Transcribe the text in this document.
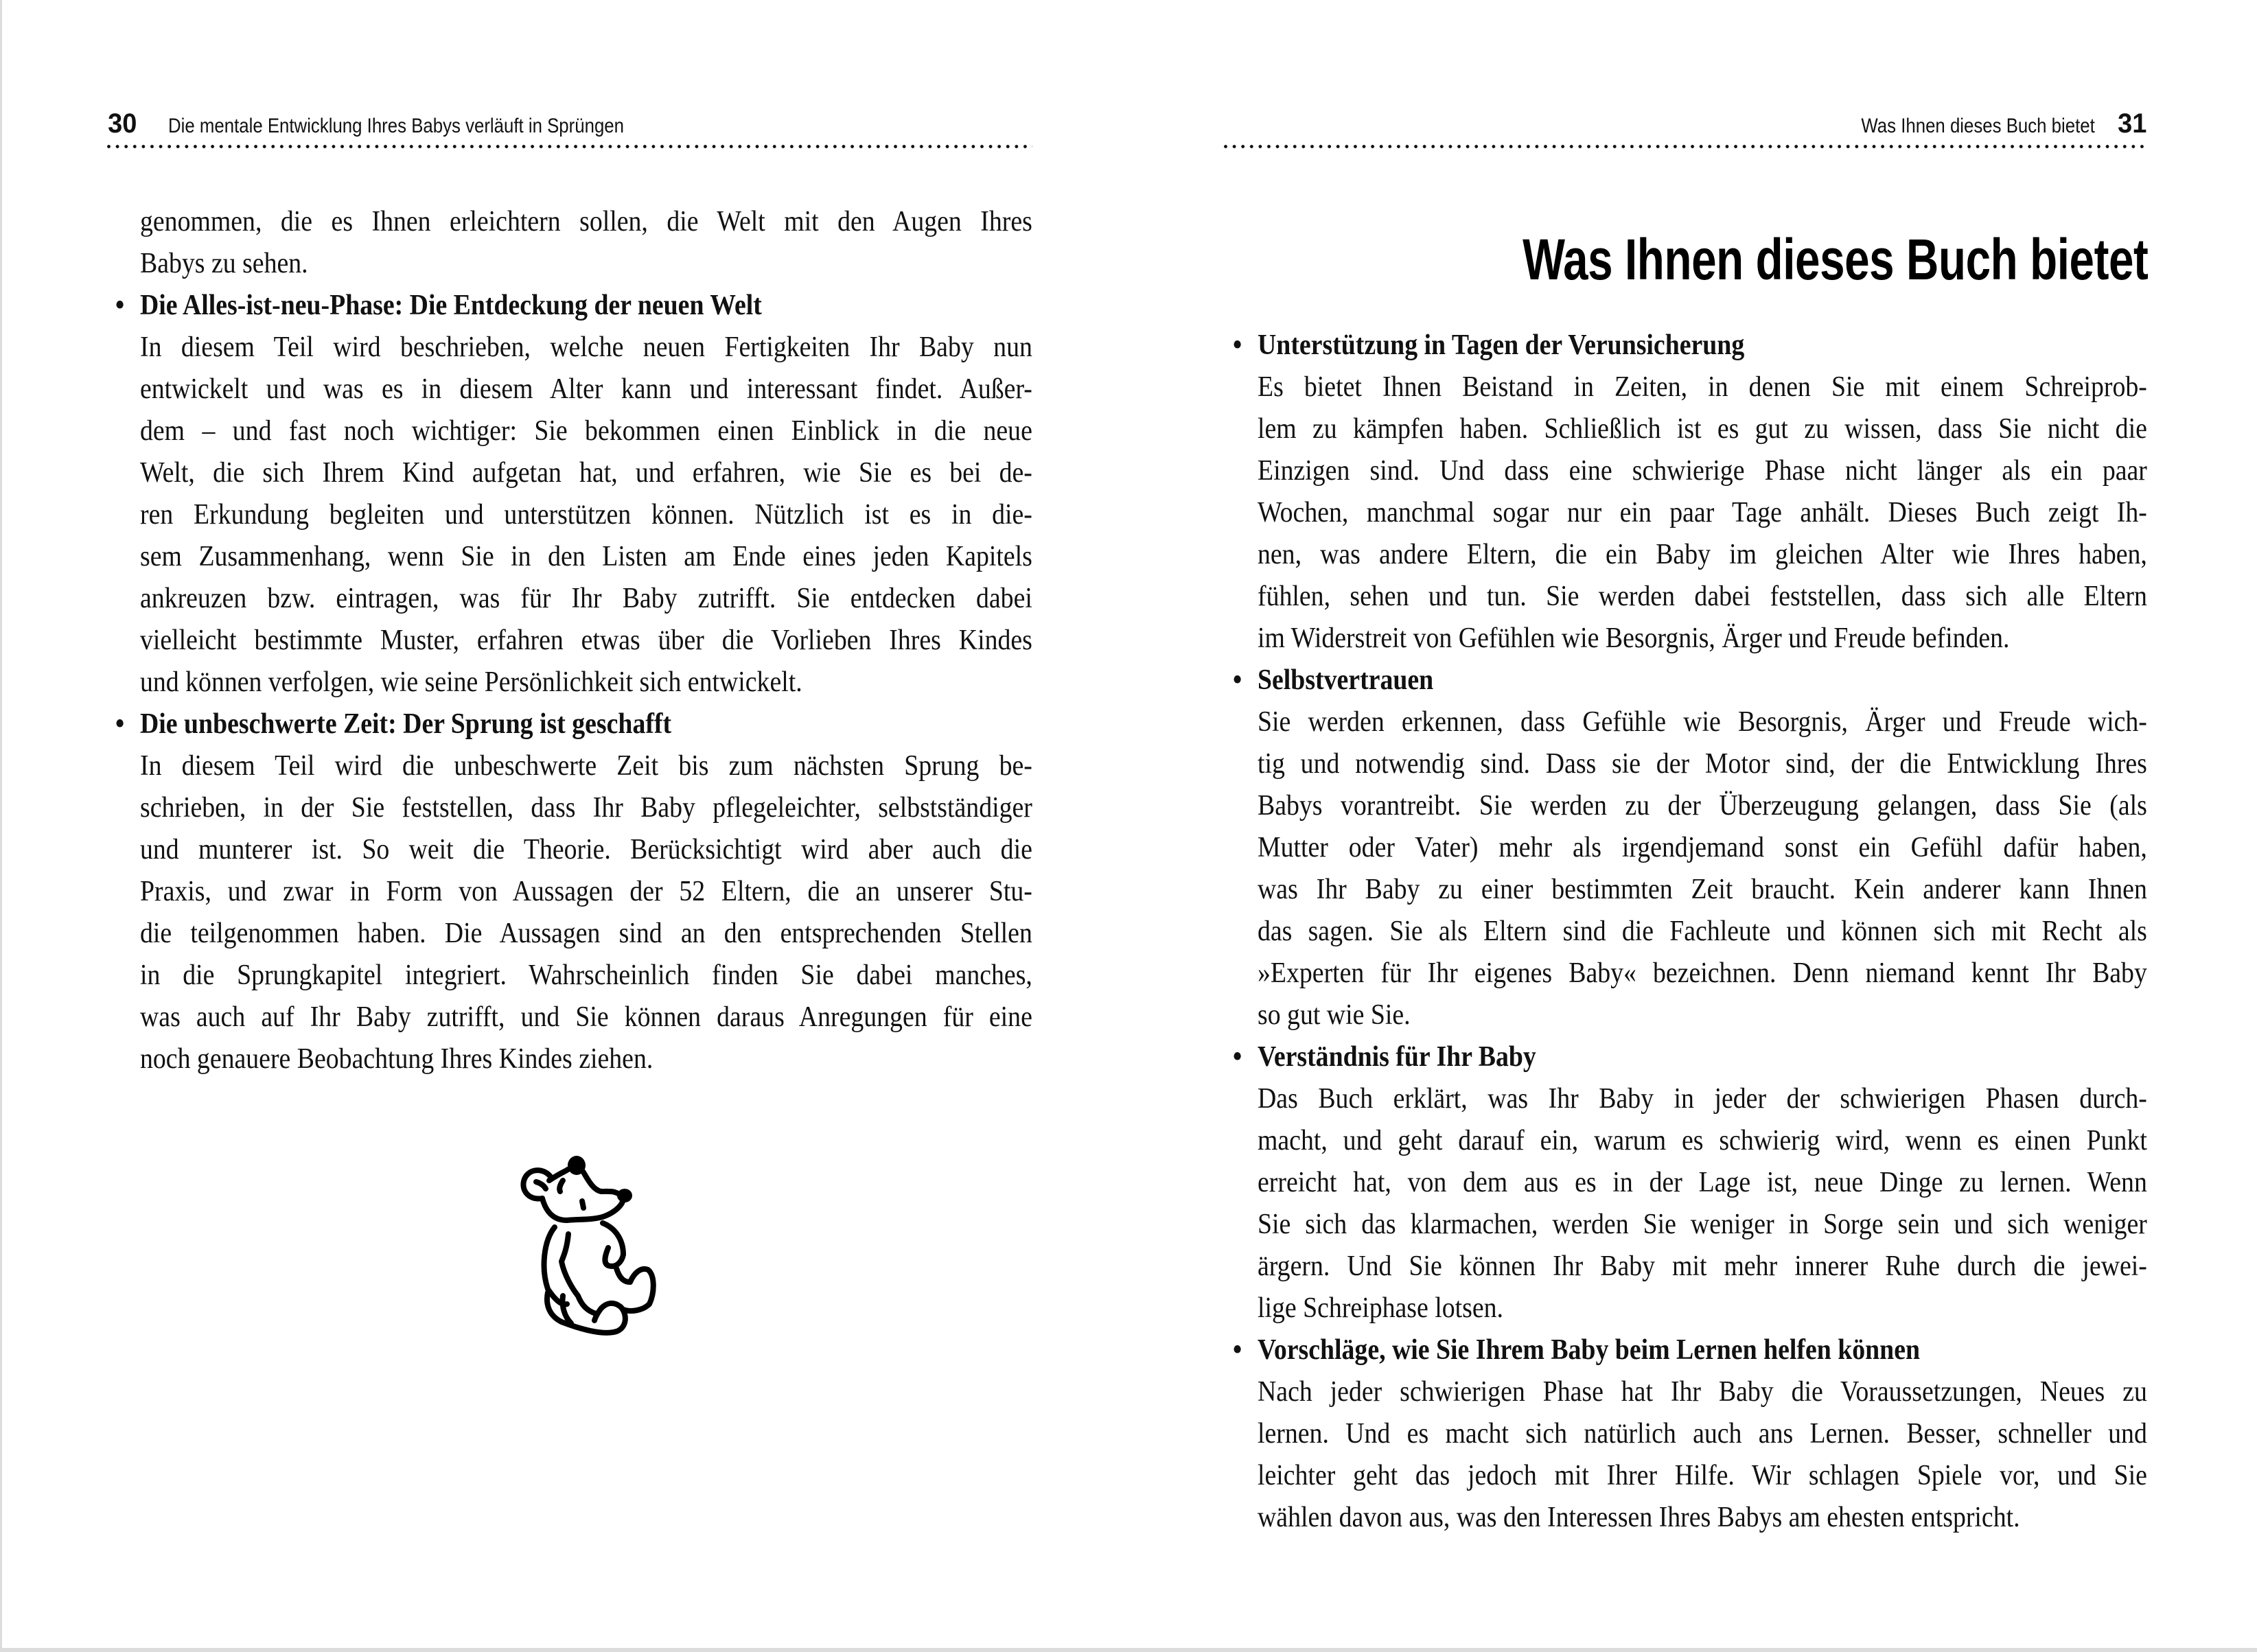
30 Die mentale Entwicklung Ihres Babys verläuft in Sprüngen
genommen, die es Ihnen erleichtern sollen, die Welt mit den Augen Ihres
Babys zu sehen.
• Die Alles-ist-neu-Phase: Die Entdeckung der neuen Welt
In diesem Teil wird beschrieben, welche neuen Fertigkeiten Ihr Baby nun
entwickelt und was es in diesem Alter kann und interessant findet. Außer-
dem – und fast noch wichtiger: Sie bekommen einen Einblick in die neue
Welt, die sich Ihrem Kind aufgetan hat, und erfahren, wie Sie es bei de-
ren Erkundung begleiten und unterstützen können. Nützlich ist es in die-
sem Zusammenhang, wenn Sie in den Listen am Ende eines jeden Kapitels
ankreuzen bzw. eintragen, was für Ihr Baby zutrifft. Sie entdecken dabei
vielleicht bestimmte Muster, erfahren etwas über die Vorlieben Ihres Kindes
und können verfolgen, wie seine Persönlichkeit sich entwickelt.
• Die unbeschwerte Zeit: Der Sprung ist geschafft
In diesem Teil wird die unbeschwerte Zeit bis zum nächsten Sprung be-
schrieben, in der Sie feststellen, dass Ihr Baby pflegeleichter, selbstständiger
und munterer ist. So weit die Theorie. Berücksichtigt wird aber auch die
Praxis, und zwar in Form von Aussagen der 52 Eltern, die an unserer Stu-
die teilgenommen haben. Die Aussagen sind an den entsprechenden Stellen
in die Sprungkapitel integriert. Wahrscheinlich finden Sie dabei manches,
was auch auf Ihr Baby zutrifft, und Sie können daraus Anregungen für eine
noch genauere Beobachtung Ihres Kindes ziehen.
Was Ihnen dieses Buch bietet 31
Was Ihnen dieses Buch bietet
• Unterstützung in Tagen der Verunsicherung
Es bietet Ihnen Beistand in Zeiten, in denen Sie mit einem Schreiprob-
lem zu kämpfen haben. Schließlich ist es gut zu wissen, dass Sie nicht die
Einzigen sind. Und dass eine schwierige Phase nicht länger als ein paar
Wochen, manchmal sogar nur ein paar Tage anhält. Dieses Buch zeigt Ih-
nen, was andere Eltern, die ein Baby im gleichen Alter wie Ihres haben,
fühlen, sehen und tun. Sie werden dabei feststellen, dass sich alle Eltern
im Widerstreit von Gefühlen wie Besorgnis, Ärger und Freude befinden.
• Selbstvertrauen
Sie werden erkennen, dass Gefühle wie Besorgnis, Ärger und Freude wich-
tig und notwendig sind. Dass sie der Motor sind, der die Entwicklung Ihres
Babys vorantreibt. Sie werden zu der Überzeugung gelangen, dass Sie (als
Mutter oder Vater) mehr als irgendjemand sonst ein Gefühl dafür haben,
was Ihr Baby zu einer bestimmten Zeit braucht. Kein anderer kann Ihnen
das sagen. Sie als Eltern sind die Fachleute und können sich mit Recht als
»Experten für Ihr eigenes Baby« bezeichnen. Denn niemand kennt Ihr Baby
so gut wie Sie.
• Verständnis für Ihr Baby
Das Buch erklärt, was Ihr Baby in jeder der schwierigen Phasen durch-
macht, und geht darauf ein, warum es schwierig wird, wenn es einen Punkt
erreicht hat, von dem aus es in der Lage ist, neue Dinge zu lernen. Wenn
Sie sich das klarmachen, werden Sie weniger in Sorge sein und sich weniger
ärgern. Und Sie können Ihr Baby mit mehr innerer Ruhe durch die jewei-
lige Schreiphase lotsen.
• Vorschläge, wie Sie Ihrem Baby beim Lernen helfen können
Nach jeder schwierigen Phase hat Ihr Baby die Voraussetzungen, Neues zu
lernen. Und es macht sich natürlich auch ans Lernen. Besser, schneller und
leichter geht das jedoch mit Ihrer Hilfe. Wir schlagen Spiele vor, und Sie
wählen davon aus, was den Interessen Ihres Babys am ehesten entspricht.
